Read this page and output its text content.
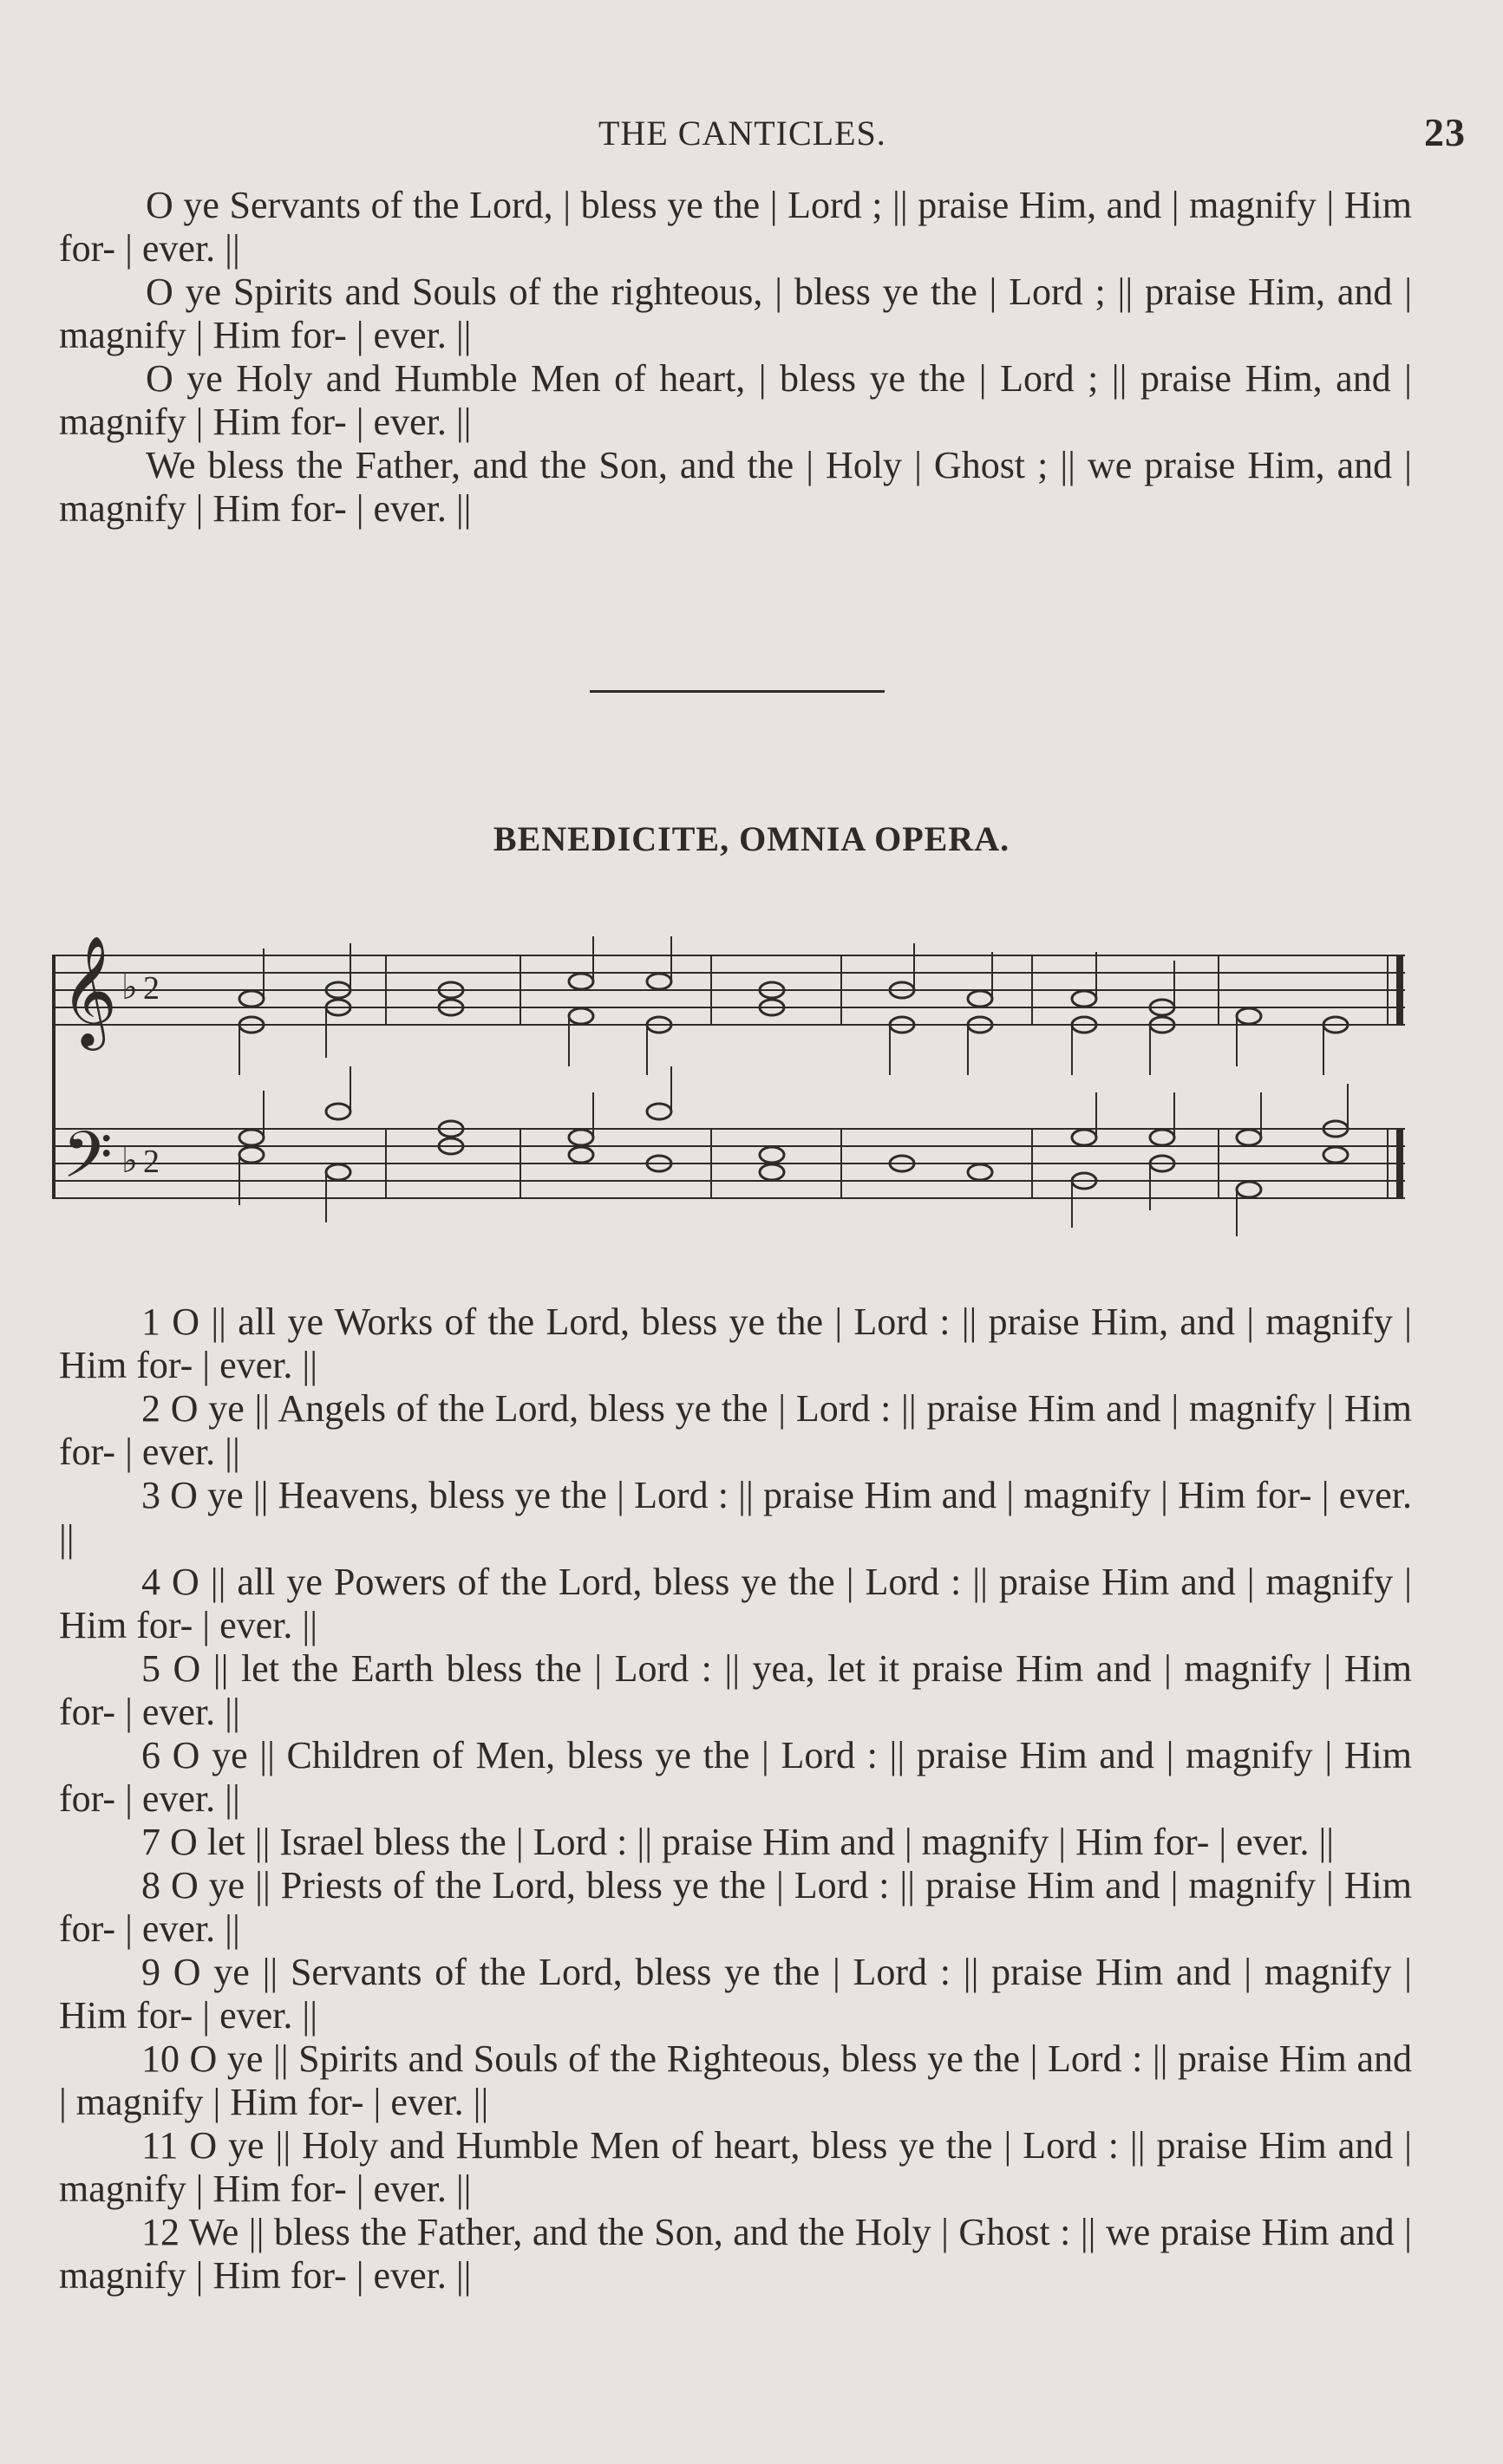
THE CANTICLES.	23

O ye Servants of the Lord, | bless ye the | Lord ; || praise Him, and | magnify | Him for- | ever. ||

O ye Spirits and Souls of the righteous, | bless ye the | Lord ; || praise Him, and | magnify | Him for- | ever. ||

O ye Holy and Humble Men of heart, | bless ye the | Lord ; || praise Him, and | magnify | Him for- | ever. ||

We bless the Father, and the Son, and the | Holy | Ghost ; || we praise Him, and | magnify | Him for- | ever. ||

BENEDICITE, OMNIA OPERA.
𝄞
𝄢
♭
♭
2
2

1 O || all ye Works of the Lord, bless ye the | Lord : || praise Him, and | magnify | Him for- | ever. ||

2 O ye || Angels of the Lord, bless ye the | Lord : || praise Him and | magnify | Him for- | ever. ||

3 O ye || Heavens, bless ye the | Lord : || praise Him and | magnify | Him for- | ever. ||

4 O || all ye Powers of the Lord, bless ye the | Lord : || praise Him and | magnify | Him for- | ever. ||

5 O || let the Earth bless the | Lord : || yea, let it praise Him and | magnify | Him for- | ever. ||

6 O ye || Children of Men, bless ye the | Lord : || praise Him and | magnify | Him for- | ever. ||

7 O let || Israel bless the | Lord : || praise Him and | magnify | Him for- | ever. ||

8 O ye || Priests of the Lord, bless ye the | Lord : || praise Him and | magnify | Him for- | ever. ||

9 O ye || Servants of the Lord, bless ye the | Lord : || praise Him and | magnify | Him for- | ever. ||

10 O ye || Spirits and Souls of the Righteous, bless ye the | Lord : || praise Him and | magnify | Him for- | ever. ||

11 O ye || Holy and Humble Men of heart, bless ye the | Lord : || praise Him and | magnify | Him for- | ever. ||

12 We || bless the Father, and the Son, and the Holy | Ghost : || we praise Him and | magnify | Him for- | ever. ||
